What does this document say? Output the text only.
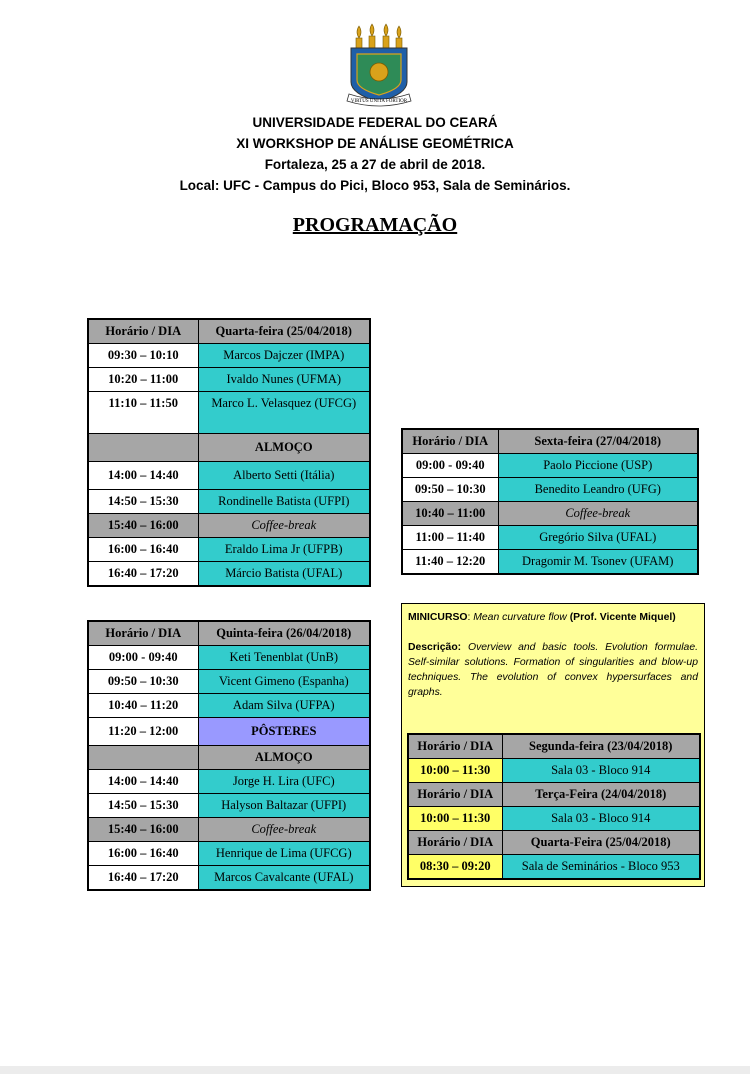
VIRTUS UNITA FORTIOR
UNIVERSIDADE FEDERAL DO CEARÁ
XI WORKSHOP DE ANÁLISE GEOMÉTRICA
Fortaleza, 25 a 27 de abril de 2018.
Local: UFC - Campus do Pici, Bloco 953, Sala de Seminários.
PROGRAMAÇÃO
Horário / DIA	Quarta-feira (25/04/2018)
09:30 – 10:10	Marcos Dajczer (IMPA)
10:20 – 11:00	Ivaldo Nunes (UFMA)
11:10 – 11:50	Marco L. Velasquez (UFCG)
	ALMOÇO
14:00 – 14:40	Alberto Setti (Itália)
14:50 – 15:30	Rondinelle Batista (UFPI)
15:40 – 16:00	Coffee-break
16:00 – 16:40	Eraldo Lima Jr (UFPB)
16:40 – 17:20	Márcio Batista (UFAL)
Horário / DIA	Sexta-feira (27/04/2018)
09:00 - 09:40	Paolo Piccione (USP)
09:50 – 10:30	Benedito Leandro (UFG)
10:40 – 11:00	Coffee-break
11:00 – 11:40	Gregório Silva (UFAL)
11:40 – 12:20	Dragomir M. Tsonev (UFAM)
Horário / DIA	Quinta-feira (26/04/2018)
09:00 - 09:40	Keti Tenenblat (UnB)
09:50 – 10:30	Vicent Gimeno (Espanha)
10:40 – 11:20	Adam Silva (UFPA)
11:20 – 12:00	PÔSTERES
	ALMOÇO
14:00 – 14:40	Jorge H. Lira (UFC)
14:50 – 15:30	Halyson Baltazar (UFPI)
15:40 – 16:00	Coffee-break
16:00 – 16:40	Henrique de Lima (UFCG)
16:40 – 17:20	Marcos Cavalcante (UFAL)

MINICURSO: Mean curvature flow (Prof. Vicente Miquel)

Descrição: Overview and basic tools. Evolution formulae. Self-similar solutions. Formation of singularities and blow-up techniques. The evolution of convex hypersurfaces and graphs.

Horário / DIA	Segunda-feira (23/04/2018)
10:00 – 11:30	Sala 03 - Bloco 914
Horário / DIA	Terça-Feira (24/04/2018)
10:00 – 11:30	Sala 03 - Bloco 914
Horário / DIA	Quarta-Feira (25/04/2018)
08:30 – 09:20	Sala de Seminários - Bloco 953
